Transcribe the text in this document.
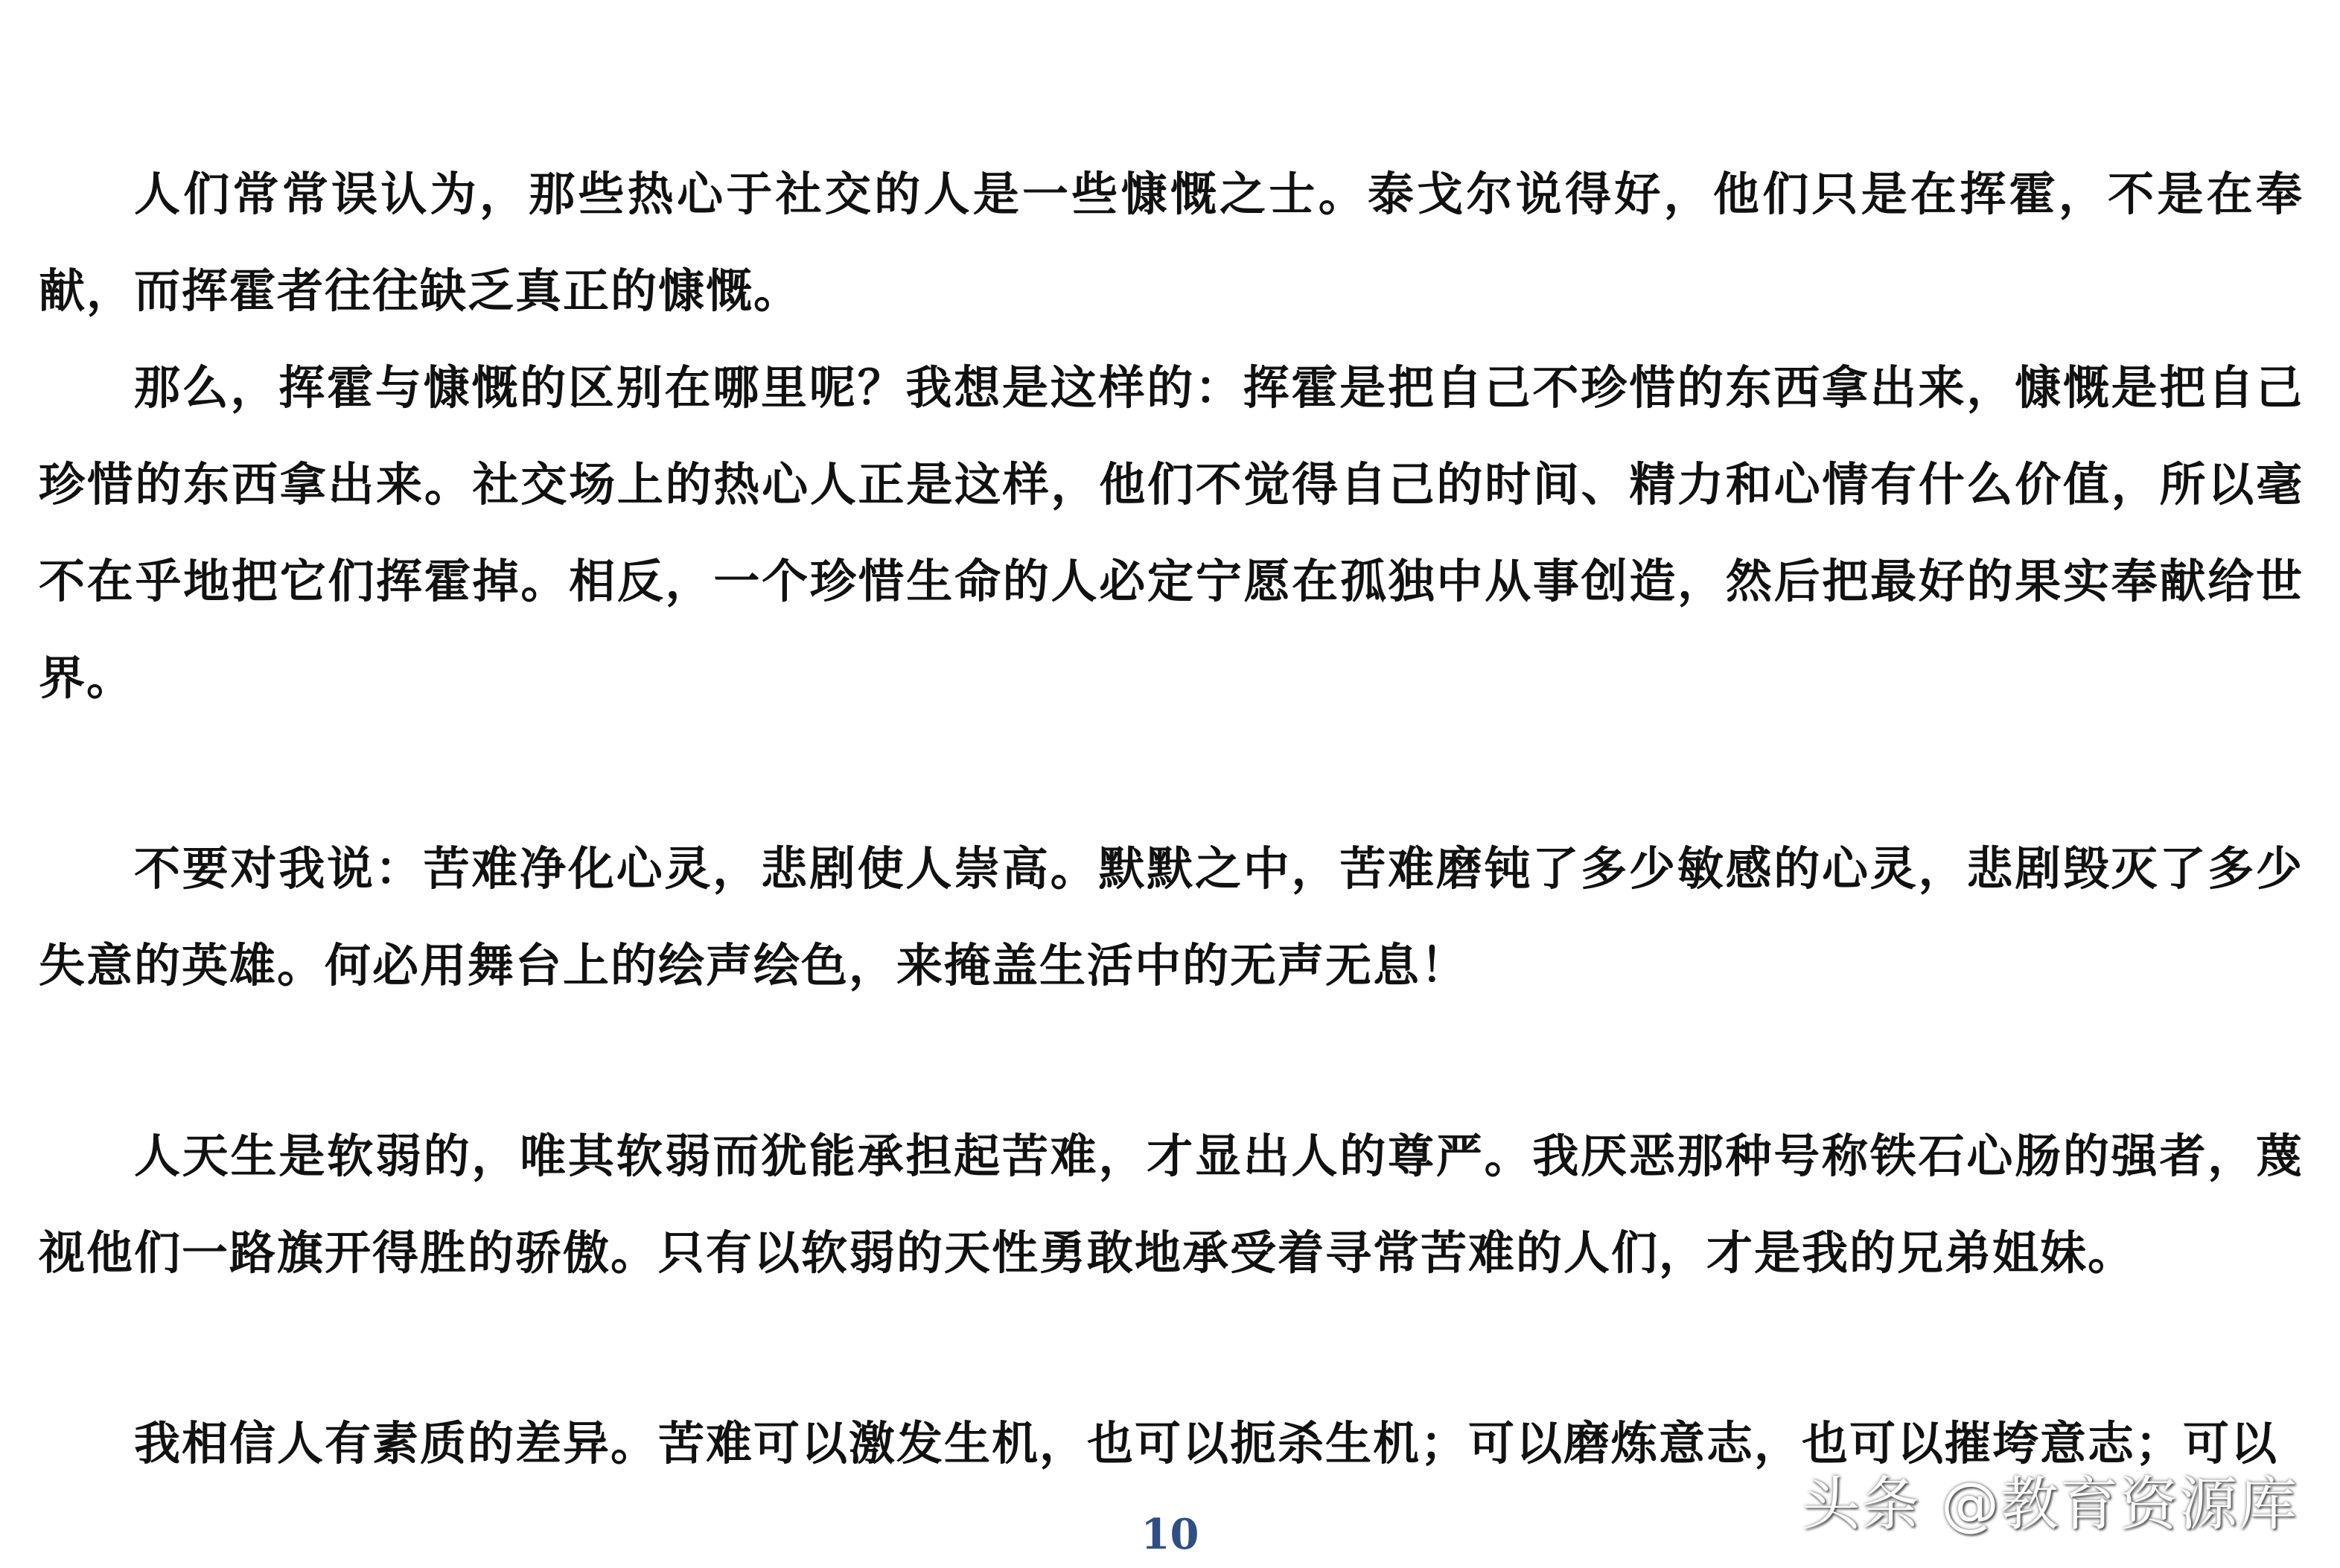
人们常常误认为，那些热心于社交的人是一些慷慨之士。泰戈尔说得好，他们只是在挥霍，不是在奉献，而挥霍者往往缺乏真正的慷慨。

那么，挥霍与慷慨的区别在哪里呢？我想是这样的：挥霍是把自己不珍惜的东西拿出来，慷慨是把自己珍惜的东西拿出来。社交场上的热心人正是这样，他们不觉得自己的时间、精力和心情有什么价值，所以毫不在乎地把它们挥霍掉。相反，一个珍惜生命的人必定宁愿在孤独中从事创造，然后把最好的果实奉献给世界。

不要对我说：苦难净化心灵，悲剧使人崇高。默默之中，苦难磨钝了多少敏感的心灵，悲剧毁灭了多少失意的英雄。何必用舞台上的绘声绘色，来掩盖生活中的无声无息！

人天生是软弱的，唯其软弱而犹能承担起苦难，才显出人的尊严。我厌恶那种号称铁石心肠的强者，蔑视他们一路旗开得胜的骄傲。只有以软弱的天性勇敢地承受着寻常苦难的人们，才是我的兄弟姐妹。

我相信人有素质的差异。苦难可以激发生机，也可以扼杀生机；可以磨炼意志，也可以摧垮意志；可以

10	头条 @教育资源库
